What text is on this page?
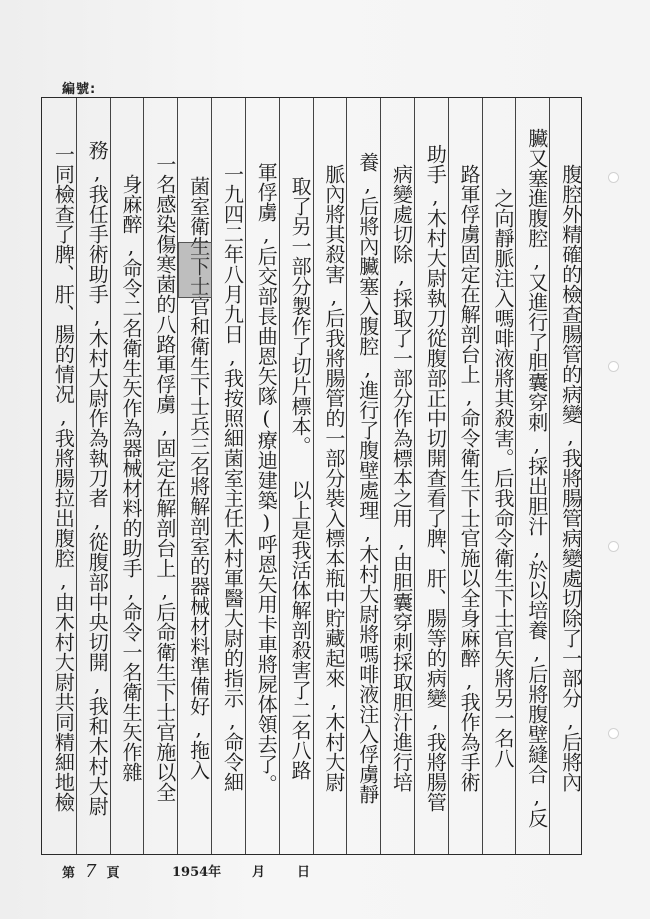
編號:
腹腔外精確的檢查腸管的病變,我將腸管病變處切除了一部分,后將內
臟又塞進腹腔,又進行了胆囊穿刺,採出胆汁,於以培養,后將腹壁縫合,反
之向靜脈注入嗎啡液將其殺害。后我命令衛生下士官矢將另一名八
路軍俘虜固定在解剖台上,命令衛生下士官施以全身麻醉,我作為手術
助手,木村大尉執刀從腹部正中切開查看了脾、肝、腸等的病變,我將腸管
病變處切除,採取了一部分作為標本之用,由胆囊穿刺採取胆汁進行培
養,后將內臟塞入腹腔,進行了腹壁處理,木村大尉將嗎啡液注入俘虜靜
脈內將其殺害,后我將腸管的一部分裝入標本瓶中貯藏起來,木村大尉
取了另一部分製作了切片標本。 以上是我活体解剖殺害了二名八路
軍俘虜,后交部長曲恩矢隊(療迪建築)呼恩矢用卡車將屍体領去了。
一九四二年八月九日,我按照細菌室主任木村軍醫大尉的指示,命令細
菌室衛生下士官和衛生下士兵三名將解剖室的器械材料準備好,拖入
一名感染傷寒菌的八路軍俘虜,固定在解剖台上,后命衛生下士官施以全
身麻醉,命令二名衛生矢作為器械材料的助手,命令一名衛生矢作雜
務,我任手術助手,木村大尉作為執刀者,從腹部中央切開,我和木村大尉
一同檢查了脾、肝、腸的情况,我將腸拉出腹腔,由木村大尉共同精細地檢
第 7 頁	1954年 月 日
